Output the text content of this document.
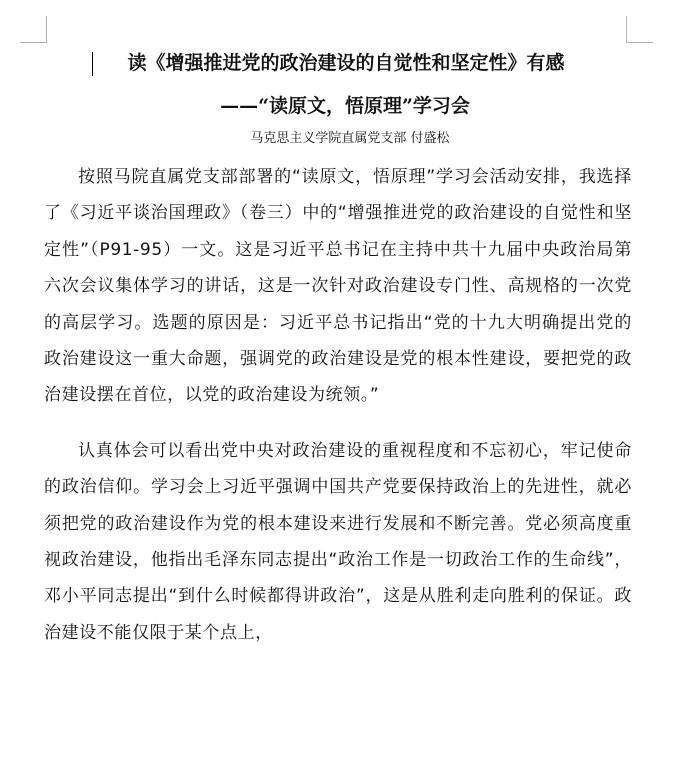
读《增强推进党的政治建设的自觉性和坚定性》有感
——“读原文，悟原理”学习会
马克思主义学院直属党支部 付盛松

按照马院直属党支部部署的“读原文，悟原理”学习会活动安排，我选择了《习近平谈治国理政》（卷三）中的“增强推进党的政治建设的自觉性和坚定性”（P91-95）一文。这是习近平总书记在主持中共十九届中央政治局第六次会议集体学习的讲话，这是一次针对政治建设专门性、高规格的一次党的高层学习。选题的原因是：习近平总书记指出“党的十九大明确提出党的政治建设这一重大命题，强调党的政治建设是党的根本性建设，要把党的政治建设摆在首位，以党的政治建设为统领。”

认真体会可以看出党中央对政治建设的重视程度和不忘初心，牢记使命的政治信仰。学习会上习近平强调中国共产党要保持政治上的先进性，就必须把党的政治建设作为党的根本建设来进行发展和不断完善。党必须高度重视政治建设，他指出毛泽东同志提出“政治工作是一切政治工作的生命线”，邓小平同志提出“到什么时候都得讲政治”，这是从胜利走向胜利的保证。政治建设不能仅限于某个点上，
